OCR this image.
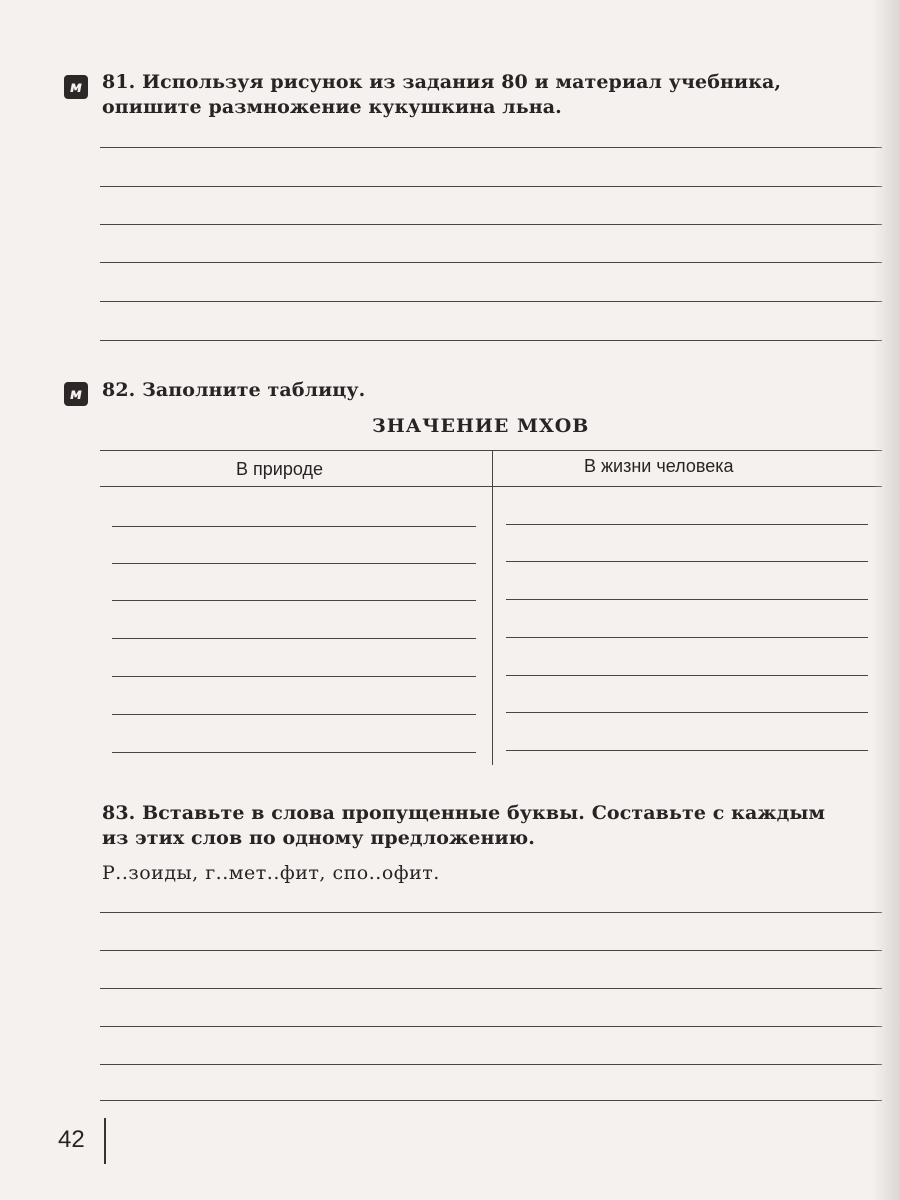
м	81. Используя рисунок из задания 80 и материал учебника,
опишите размножение кукушкина льна.
м	82. Заполните таблицу.
ЗНАЧЕНИЕ МХОВ
В природе	В жизни человека
83. Вставьте в слова пропущенные буквы. Составьте с каждым
из этих слов по одному предложению.
Р..зоиды, г..мет..фит, спо..офит.
42
